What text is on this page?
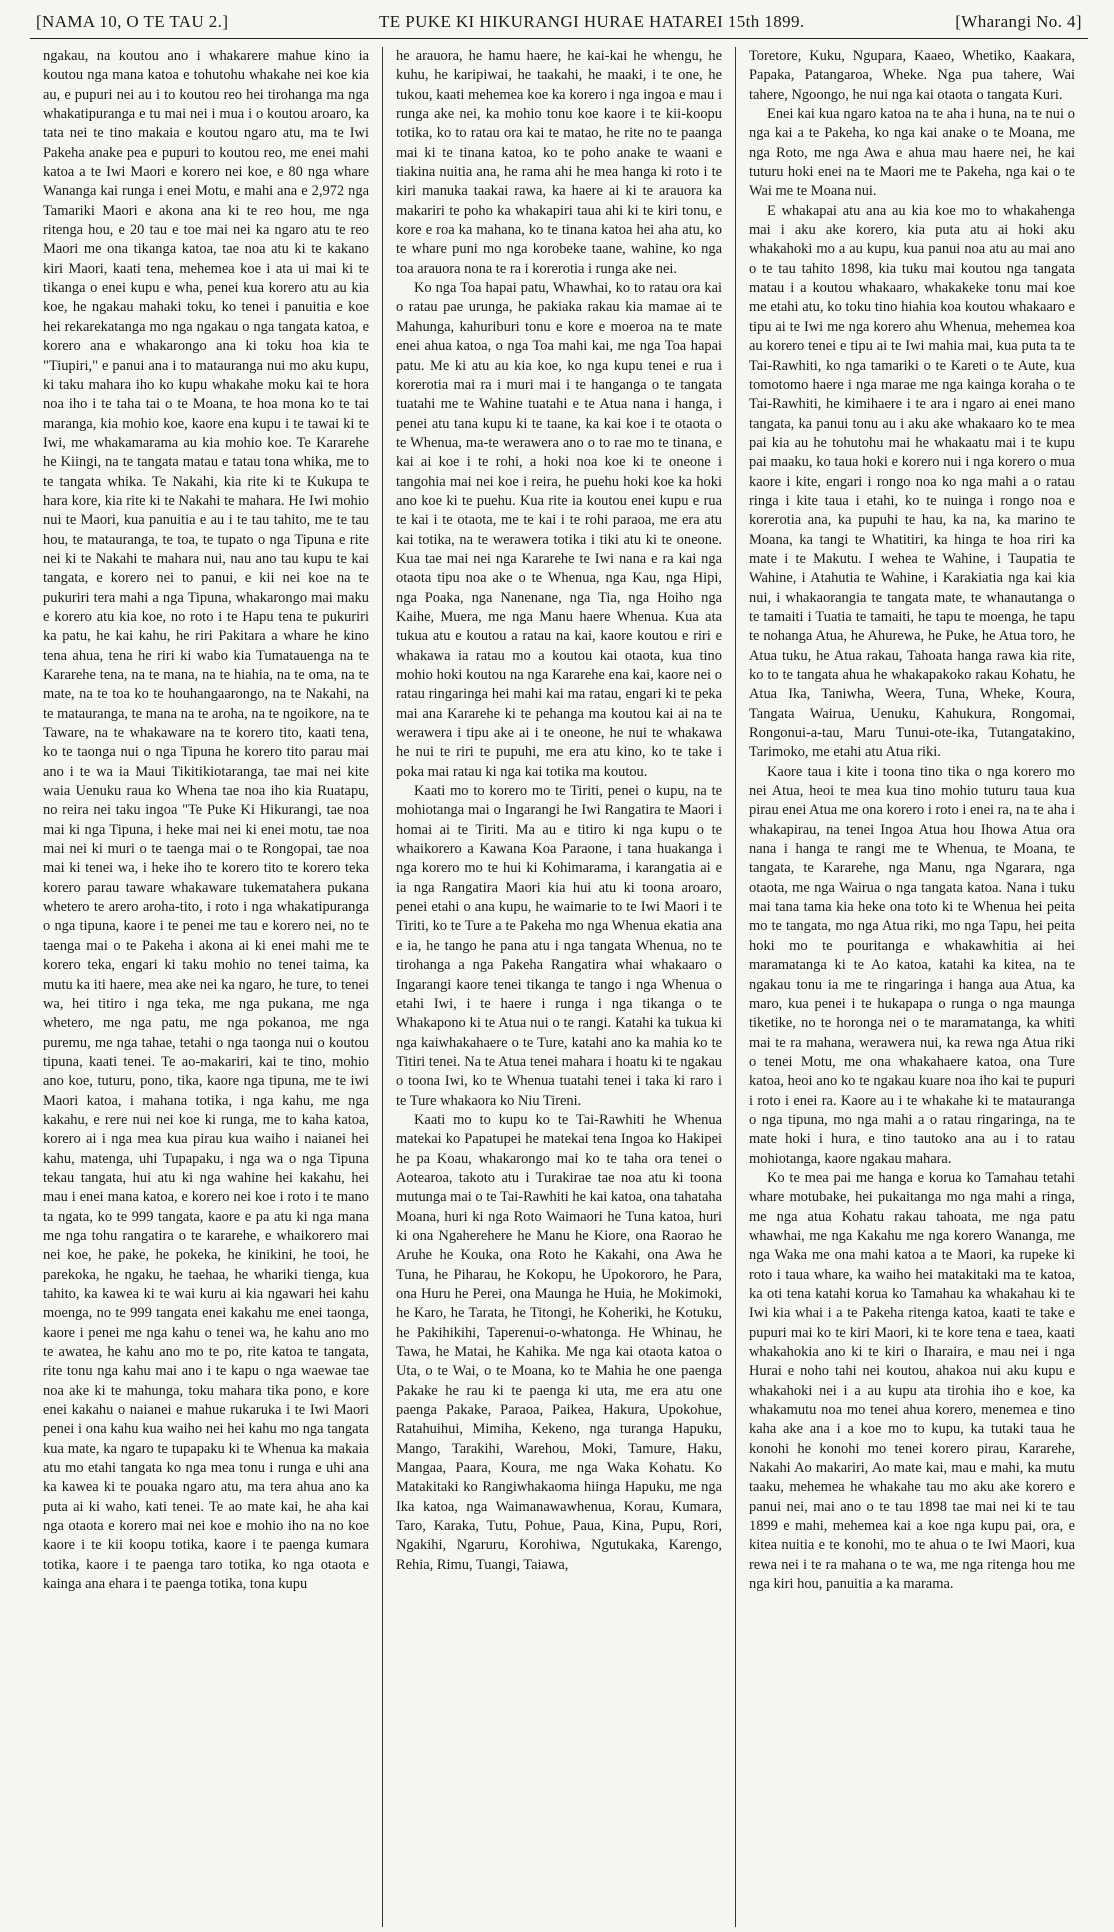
[NAMA 10, O TE TAU 2.]	TE PUKE KI HIKURANGI HURAE HATAREI 15th 1899.	[Wharangi No. 4]

ngakau, na koutou ano i whakarere mahue kino ia koutou nga mana katoa e tohutohu whakahe nei koe kia au, e pupuri nei au i to koutou reo hei tirohanga ma nga whakatipuranga e tu mai nei i mua i o koutou aroaro, ka tata nei te tino makaia e koutou ngaro atu, ma te Iwi Pakeha anake pea e pupuri to koutou reo, me enei mahi katoa a te Iwi Maori e korero nei koe, e 80 nga whare Wananga kai runga i enei Motu, e mahi ana e 2,972 nga Tamariki Maori e akona ana ki te reo hou, me nga ritenga hou, e 20 tau e toe mai nei ka ngaro atu te reo Maori me ona tikanga katoa, tae noa atu ki te kakano kiri Maori, kaati tena, mehemea koe i ata ui mai ki te tikanga o enei kupu e wha, penei kua korero atu au kia koe, he ngakau mahaki toku, ko tenei i panuitia e koe hei rekarekatanga mo nga ngakau o nga tangata katoa, e korero ana e whakarongo ana ki toku hoa kia te "Tiupiri," e panui ana i to matauranga nui mo aku kupu, ki taku mahara iho ko kupu whakahe moku kai te hora noa iho i te taha tai o te Moana, te hoa mona ko te tai maranga, kia mohio koe, kaore ena kupu i te tawai ki te Iwi, me whakamarama au kia mohio koe. Te Kararehe he Kiingi, na te tangata matau e tatau tona whika, me to te tangata whika. Te Nakahi, kia rite ki te Kukupa te hara kore, kia rite ki te Nakahi te mahara. He Iwi mohio nui te Maori, kua panuitia e au i te tau tahito, me te tau hou, te matauranga, te toa, te tupato o nga Tipuna e rite nei ki te Nakahi te mahara nui, nau ano tau kupu te kai tangata, e korero nei to panui, e kii nei koe na te pukuriri tera mahi a nga Tipuna, whakarongo mai maku e korero atu kia koe, no roto i te Hapu tena te pukuriri ka patu, he kai kahu, he riri Pakitara a whare he kino tena ahua, tena he riri ki wabo kia Tumatauenga na te Kararehe tena, na te mana, na te hiahia, na te oma, na te mate, na te toa ko te houhangaarongo, na te Nakahi, na te matauranga, te mana na te aroha, na te ngoikore, na te Taware, na te whakaware na te korero tito, kaati tena, ko te taonga nui o nga Tipuna he korero tito parau mai ano i te wa ia Maui Tikitikiotaranga, tae mai nei kite waia Uenuku raua ko Whena tae noa iho kia Ruatapu, no reira nei taku ingoa "Te Puke Ki Hikurangi, tae noa mai ki nga Tipuna, i heke mai nei ki enei motu, tae noa mai nei ki muri o te taenga mai o te Rongopai, tae noa mai ki tenei wa, i heke iho te korero tito te korero teka korero parau taware whakaware tukematahera pukana whetero te arero aroha-tito, i roto i nga whakatipuranga o nga tipuna, kaore i te penei me tau e korero nei, no te taenga mai o te Pakeha i akona ai ki enei mahi me te korero teka, engari ki taku mohio no tenei taima, ka mutu ka iti haere, mea ake nei ka ngaro, he ture, to tenei wa, hei titiro i nga teka, me nga pukana, me nga whetero, me nga patu, me nga pokanoa, me nga puremu, me nga tahae, tetahi o nga taonga nui o koutou tipuna, kaati tenei. Te ao-makariri, kai te tino, mohio ano koe, tuturu, pono, tika, kaore nga tipuna, me te iwi Maori katoa, i mahana totika, i nga kahu, me nga kakahu, e rere nui nei koe ki runga, me to kaha katoa, korero ai i nga mea kua pirau kua waiho i naianei hei kahu, matenga, uhi Tupapaku, i nga wa o nga Tipuna tekau tangata, hui atu ki nga wahine hei kakahu, hei mau i enei mana katoa, e korero nei koe i roto i te mano ta ngata, ko te 999 tangata, kaore e pa atu ki nga mana me nga tohu rangatira o te kararehe, e whaikorero mai nei koe, he pake, he pokeka, he kinikini, he tooi, he parekoka, he ngaku, he taehaa, he whariki tienga, kua tahito, ka kawea ki te wai kuru ai kia ngawari hei kahu moenga, no te 999 tangata enei kakahu me enei taonga, kaore i penei me nga kahu o tenei wa, he kahu ano mo te awatea, he kahu ano mo te po, rite katoa te tangata, rite tonu nga kahu mai ano i te kapu o nga waewae tae noa ake ki te mahunga, toku mahara tika pono, e kore enei kakahu o naianei e mahue rukaruka i te Iwi Maori penei i ona kahu kua waiho nei hei kahu mo nga tangata kua mate, ka ngaro te tupapaku ki te Whenua ka makaia atu mo etahi tangata ko nga mea tonu i runga e uhi ana ka kawea ki te pouaka ngaro atu, ma tera ahua ano ka puta ai ki waho, kati tenei. Te ao mate kai, he aha kai nga otaota e korero mai nei koe e mohio iho na no koe kaore i te kii koopu totika, kaore i te paenga kumara totika, kaore i te paenga taro totika, ko nga otaota e kainga ana ehara i te paenga totika, tona kupu

he arauora, he hamu haere, he kai-kai he whengu, he kuhu, he karipiwai, he taakahi, he maaki, i te one, he tukou, kaati mehemea koe ka korero i nga ingoa e mau i runga ake nei, ka mohio tonu koe kaore i te kii-koopu totika, ko to ratau ora kai te matao, he rite no te paanga mai ki te tinana katoa, ko te poho anake te waani e tiakina nuitia ana, he rama ahi he mea hanga ki roto i te kiri manuka taakai rawa, ka haere ai ki te arauora ka makariri te poho ka whakapiri taua ahi ki te kiri tonu, e kore e roa ka mahana, ko te tinana katoa hei aha atu, ko te whare puni mo nga korobeke taane, wahine, ko nga toa arauora nona te ra i korerotia i runga ake nei.

Ko nga Toa hapai patu, Whawhai, ko to ratau ora kai o ratau pae urunga, he pakiaka rakau kia mamae ai te Mahunga, kahuriburi tonu e kore e moeroa na te mate enei ahua katoa, o nga Toa mahi kai, me nga Toa hapai patu. Me ki atu au kia koe, ko nga kupu tenei e rua i korerotia mai ra i muri mai i te hanganga o te tangata tuatahi me te Wahine tuatahi e te Atua nana i hanga, i penei atu tana kupu ki te taane, ka kai koe i te otaota o te Whenua, ma-te werawera ano o to rae mo te tinana, e kai ai koe i te rohi, a hoki noa koe ki te oneone i tangohia mai nei koe i reira, he puehu hoki koe ka hoki ano koe ki te puehu. Kua rite ia koutou enei kupu e rua te kai i te otaota, me te kai i te rohi paraoa, me era atu kai totika, na te werawera totika i tiki atu ki te oneone. Kua tae mai nei nga Kararehe te Iwi nana e ra kai nga otaota tipu noa ake o te Whenua, nga Kau, nga Hipi, nga Poaka, nga Nanenane, nga Tia, nga Hoiho nga Kaihe, Muera, me nga Manu haere Whenua. Kua ata tukua atu e koutou a ratau na kai, kaore koutou e riri e whakawa ia ratau mo a koutou kai otaota, kua tino mohio hoki koutou na nga Kararehe ena kai, kaore nei o ratau ringaringa hei mahi kai ma ratau, engari ki te peka mai ana Kararehe ki te pehanga ma koutou kai ai na te werawera i tipu ake ai i te oneone, he nui te whakawa he nui te riri te pupuhi, me era atu kino, ko te take i poka mai ratau ki nga kai totika ma koutou.

Kaati mo to korero mo te Tiriti, penei o kupu, na te mohiotanga mai o Ingarangi he Iwi Rangatira te Maori i homai ai te Tiriti. Ma au e titiro ki nga kupu o te whaikorero a Kawana Koa Paraone, i tana huakanga i nga korero mo te hui ki Kohimarama, i karangatia ai e ia nga Rangatira Maori kia hui atu ki toona aroaro, penei etahi o ana kupu, he waimarie to te Iwi Maori i te Tiriti, ko te Ture a te Pakeha mo nga Whenua ekatia ana e ia, he tango he pana atu i nga tangata Whenua, no te tirohanga a nga Pakeha Rangatira whai whakaaro o Ingarangi kaore tenei tikanga te tango i nga Whenua o etahi Iwi, i te haere i runga i nga tikanga o te Whakapono ki te Atua nui o te rangi. Katahi ka tukua ki nga kaiwhakahaere o te Ture, katahi ano ka mahia ko te Titiri tenei. Na te Atua tenei mahara i hoatu ki te ngakau o toona Iwi, ko te Whenua tuatahi tenei i taka ki raro i te Ture whakaora ko Niu Tireni.

Kaati mo to kupu ko te Tai-Rawhiti he Whenua matekai ko Papatupei he matekai tena Ingoa ko Hakipei he pa Koau, whakarongo mai ko te taha ora tenei o Aotearoa, takoto atu i Turakirae tae noa atu ki toona mutunga mai o te Tai-Rawhiti he kai katoa, ona tahataha Moana, huri ki nga Roto Waimaori he Tuna katoa, huri ki ona Ngaherehere he Manu he Kiore, ona Raorao he Aruhe he Kouka, ona Roto he Kakahi, ona Awa he Tuna, he Piharau, he Kokopu, he Upokororo, he Para, ona Huru he Perei, ona Maunga he Huia, he Mokimoki, he Karo, he Tarata, he Titongi, he Koheriki, he Kotuku, he Pakihikihi, Taperenui-o-whatonga. He Whinau, he Tawa, he Matai, he Kahika. Me nga kai otaota katoa o Uta, o te Wai, o te Moana, ko te Mahia he one paenga Pakake he rau ki te paenga ki uta, me era atu one paenga Pakake, Paraoa, Paikea, Hakura, Upokohue, Ratahuihui, Mimiha, Kekeno, nga turanga Hapuku, Mango, Tarakihi, Warehou, Moki, Tamure, Haku, Mangaa, Paara, Koura, me nga Waka Kohatu. Ko Matakitaki ko Rangiwhakaoma hiinga Hapuku, me nga Ika katoa, nga Waimanawawhenua, Korau, Kumara, Taro, Karaka, Tutu, Pohue, Paua, Kina, Pupu, Rori, Ngakihi, Ngaruru, Korohiwa, Ngutukaka, Karengo, Rehia, Rimu, Tuangi, Taiawa,

Toretore, Kuku, Ngupara, Kaaeo, Whetiko, Kaakara, Papaka, Patangaroa, Wheke. Nga pua tahere, Wai tahere, Ngoongo, he nui nga kai otaota o tangata Kuri.

Enei kai kua ngaro katoa na te aha i huna, na te nui o nga kai a te Pakeha, ko nga kai anake o te Moana, me nga Roto, me nga Awa e ahua mau haere nei, he kai tuturu hoki enei na te Maori me te Pakeha, nga kai o te Wai me te Moana nui.

E whakapai atu ana au kia koe mo to whakahenga mai i aku ake korero, kia puta atu ai hoki aku whakahoki mo a au kupu, kua panui noa atu au mai ano o te tau tahito 1898, kia tuku mai koutou nga tangata matau i a koutou whakaaro, whakakeke tonu mai koe me etahi atu, ko toku tino hiahia koa koutou whakaaro e tipu ai te Iwi me nga korero ahu Whenua, mehemea koa au korero tenei e tipu ai te Iwi mahia mai, kua puta ta te Tai-Rawhiti, ko nga tamariki o te Kareti o te Aute, kua tomotomo haere i nga marae me nga kainga koraha o te Tai-Rawhiti, he kimihaere i te ara i ngaro ai enei mano tangata, ka panui tonu au i aku ake whakaaro ko te mea pai kia au he tohutohu mai he whakaatu mai i te kupu pai maaku, ko taua hoki e korero nui i nga korero o mua kaore i kite, engari i rongo noa ko nga mahi a o ratau ringa i kite taua i etahi, ko te nuinga i rongo noa e korerotia ana, ka pupuhi te hau, ka na, ka marino te Moana, ka tangi te Whatitiri, ka hinga te hoa riri ka mate i te Makutu. I wehea te Wahine, i Taupatia te Wahine, i Atahutia te Wahine, i Karakiatia nga kai kia nui, i whakaorangia te tangata mate, te whanautanga o te tamaiti i Tuatia te tamaiti, he tapu te moenga, he tapu te nohanga Atua, he Ahurewa, he Puke, he Atua toro, he Atua tuku, he Atua rakau, Tahoata hanga rawa kia rite, ko to te tangata ahua he whakapakoko rakau Kohatu, he Atua Ika, Taniwha, Weera, Tuna, Wheke, Koura, Tangata Wairua, Uenuku, Kahukura, Rongomai, Rongonui-a-tau, Maru Tunui-ote-ika, Tutangatakino, Tarimoko, me etahi atu Atua riki.

Kaore taua i kite i toona tino tika o nga korero mo nei Atua, heoi te mea kua tino mohio tuturu taua kua pirau enei Atua me ona korero i roto i enei ra, na te aha i whakapirau, na tenei Ingoa Atua hou Ihowa Atua ora nana i hanga te rangi me te Whenua, te Moana, te tangata, te Kararehe, nga Manu, nga Ngarara, nga otaota, me nga Wairua o nga tangata katoa. Nana i tuku mai tana tama kia heke ona toto ki te Whenua hei peita mo te tangata, mo nga Atua riki, mo nga Tapu, hei peita hoki mo te pouritanga e whakawhitia ai hei maramatanga ki te Ao katoa, katahi ka kitea, na te ngakau tonu ia me te ringaringa i hanga aua Atua, ka maro, kua penei i te hukapapa o runga o nga maunga tiketike, no te horonga nei o te maramatanga, ka whiti mai te ra mahana, werawera nui, ka rewa nga Atua riki o tenei Motu, me ona whakahaere katoa, ona Ture katoa, heoi ano ko te ngakau kuare noa iho kai te pupuri i roto i enei ra. Kaore au i te whakahe ki te matauranga o nga tipuna, mo nga mahi a o ratau ringaringa, na te mate hoki i hura, e tino tautoko ana au i to ratau mohiotanga, kaore ngakau mahara.

Ko te mea pai me hanga e korua ko Tamahau tetahi whare motubake, hei pukaitanga mo nga mahi a ringa, me nga atua Kohatu rakau tahoata, me nga patu whawhai, me nga Kakahu me nga korero Wananga, me nga Waka me ona mahi katoa a te Maori, ka rupeke ki roto i taua whare, ka waiho hei matakitaki ma te katoa, ka oti tena katahi korua ko Tamahau ka whakahau ki te Iwi kia whai i a te Pakeha ritenga katoa, kaati te take e pupuri mai ko te kiri Maori, ki te kore tena e taea, kaati whakahokia ano ki te kiri o Iharaira, e mau nei i nga Hurai e noho tahi nei koutou, ahakoa nui aku kupu e whakahoki nei i a au kupu ata tirohia iho e koe, ka whakamutu noa mo tenei ahua korero, menemea e tino kaha ake ana i a koe mo to kupu, ka tutaki taua he konohi he konohi mo tenei korero pirau, Kararehe, Nakahi Ao makariri, Ao mate kai, mau e mahi, ka mutu taaku, mehemea he whakahe tau mo aku ake korero e panui nei, mai ano o te tau 1898 tae mai nei ki te tau 1899 e mahi, mehemea kai a koe nga kupu pai, ora, e kitea nuitia e te konohi, mo te ahua o te Iwi Maori, kua rewa nei i te ra mahana o te wa, me nga ritenga hou me nga kiri hou, panuitia a ka marama.
